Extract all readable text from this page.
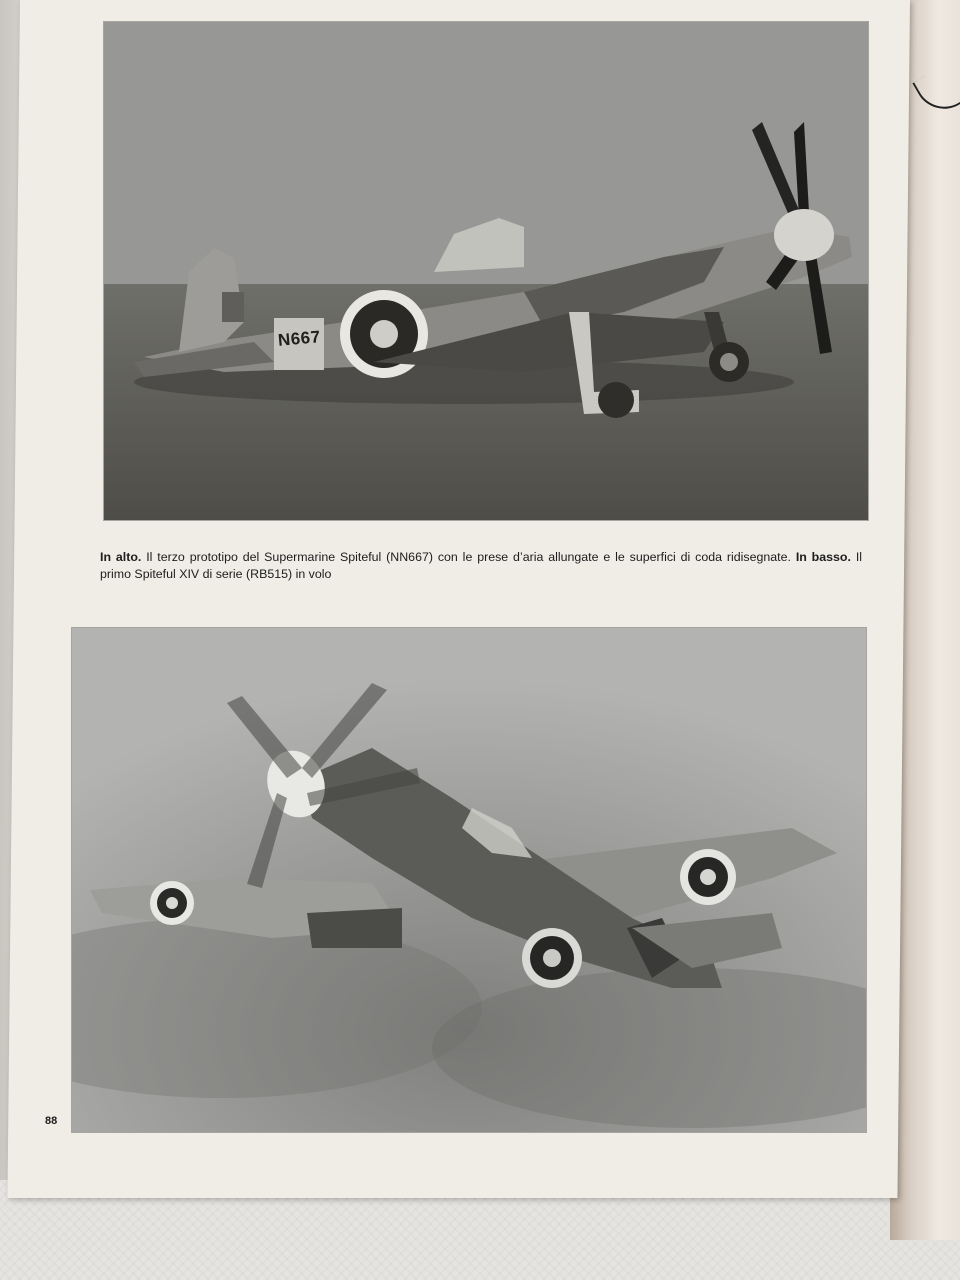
N667
In alto. Il terzo prototipo del Supermarine Spiteful (NN667) con le prese d’aria allungate e le superfici di coda ridisegnate. In basso. Il primo Spiteful XIV di serie (RB515) in volo
88
